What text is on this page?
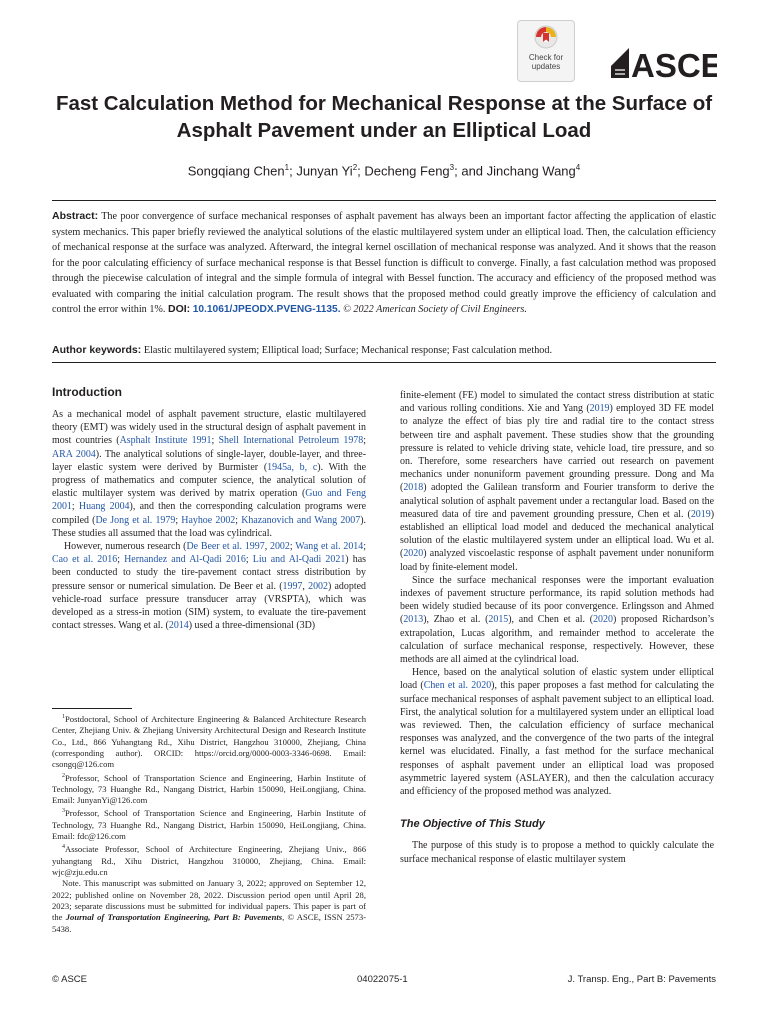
Check for updates	ASCE
Fast Calculation Method for Mechanical Response at the Surface of Asphalt Pavement under an Elliptical Load
Songqiang Chen$^1$; Junyan Yi$^2$; Decheng Feng$^3$; and Jinchang Wang$^4$
Abstract: The poor convergence of surface mechanical responses of asphalt pavement has always been an important factor affecting the application of elastic system mechanics. This paper briefly reviewed the analytical solutions of the elastic multilayered system under an elliptical load. Then, the calculation efficiency of mechanical response at the surface was analyzed. Afterward, the integral kernel oscillation of mechanical response was analyzed. And it shows that the reason for the poor calculating efficiency of surface mechanical response is that Bessel function is difficult to converge. Finally, a fast calculation method was proposed through the piecewise calculation of integral and the simple formula of integral with Bessel function. The accuracy and efficiency of the proposed method was evaluated with comparing the initial calculation program. The result shows that the proposed method could greatly improve the efficiency of calculation and control the error within 1%. DOI: 10.1061/JPEODX.PVENG-1135. © 2022 American Society of Civil Engineers.
Author keywords: Elastic multilayered system; Elliptical load; Surface; Mechanical response; Fast calculation method.
Introduction

As a mechanical model of asphalt pavement structure, elastic multilayered theory (EMT) was widely used in the structural design of asphalt pavement in most countries (Asphalt Institute 1991; Shell International Petroleum 1978; ARA 2004). The analytical solutions of single-layer, double-layer, and three-layer elastic system were derived by Burmister (1945a, b, c). With the progress of mathematics and computer science, the analytical solution of elastic multilayer system was derived by matrix operation (Guo and Feng 2001; Huang 2004), and then the corresponding calculation programs were compiled (De Jong et al. 1979; Hayhoe 2002; Khazanovich and Wang 2007). These studies all assumed that the load was cylindrical.

However, numerous research (De Beer et al. 1997, 2002; Wang et al. 2014; Cao et al. 2016; Hernandez and Al-Qadi 2016; Liu and Al-Qadi 2021) has been conducted to study the tire-pavement contact stress distribution by pressure sensor or numerical simulation. De Beer et al. (1997, 2002) adopted vehicle-road surface pressure transducer array (VRSPTA), which was developed as a stress-in motion (SIM) system, to evaluate the tire-pavement contact stresses. Wang et al. (2014) used a three-dimensional (3D)

$^1$Postdoctoral, School of Architecture Engineering & Balanced Architecture Research Center, Zhejiang Univ. & Zhejiang University Architectural Design and Research Institute Co., Ltd., 866 Yuhangtang Rd., Xihu District, Hangzhou 310000, Zhejiang, China (corresponding author). ORCID: https://orcid.org/0000-0003-3346-0698. Email: csongq@126.com

$^2$Professor, School of Transportation Science and Engineering, Harbin Institute of Technology, 73 Huanghe Rd., Nangang District, Harbin 150090, HeiLongjiang, China. Email: JunyanYi@126.com

$^3$Professor, School of Transportation Science and Engineering, Harbin Institute of Technology, 73 Huanghe Rd., Nangang District, Harbin 150090, HeiLongjiang, China. Email: fdc@126.com

$^4$Associate Professor, School of Architecture Engineering, Zhejiang Univ., 866 yuhangtang Rd., Xihu District, Hangzhou 310000, Zhejiang, China. Email: wjc@zju.edu.cn

Note. This manuscript was submitted on January 3, 2022; approved on September 12, 2022; published online on November 28, 2022. Discussion period open until April 28, 2023; separate discussions must be submitted for individual papers. This paper is part of the Journal of Transportation Engineering, Part B: Pavements, © ASCE, ISSN 2573-5438.

finite-element (FE) model to simulated the contact stress distribution at static and various rolling conditions. Xie and Yang (2019) employed 3D FE model to analyze the effect of bias ply tire and radial tire to the contact stress between tire and asphalt pavement. These studies show that the grounding pressure is related to vehicle driving state, vehicle load, tire pressure, and so on. Therefore, some researchers have carried out research on pavement mechanics under nonuniform pavement grounding pressure. Dong and Ma (2018) adopted the Galilean transform and Fourier transform to derive the analytical solution of asphalt pavement under a rectangular load. Based on the measured data of tire and pavement grounding pressure, Chen et al. (2019) established an elliptical load model and deduced the mechanical analytical solution of the elastic multilayered system under an elliptical load. Wu et al. (2020) analyzed viscoelastic response of asphalt pavement under nonuniform load by finite-element model.

Since the surface mechanical responses were the important evaluation indexes of pavement structure performance, its rapid solution methods had been widely studied because of its poor convergence. Erlingsson and Ahmed (2013), Zhao et al. (2015), and Chen et al. (2020) proposed Richardson’s extrapolation, Lucas algorithm, and remainder method to accelerate the calculation of surface mechanical response, respectively. However, these methods are all aimed at the cylindrical load.

Hence, based on the analytical solution of elastic system under elliptical load (Chen et al. 2020), this paper proposes a fast method for calculating the surface mechanical responses of asphalt pavement subject to an elliptical load. First, the analytical solution for a multilayered system under an elliptical load was reviewed. Then, the calculation efficiency of surface mechanical responses was analyzed, and the convergence of the two parts of the integral kernel was elucidated. Finally, a fast method for the surface mechanical responses of asphalt pavement under an elliptical load was proposed asymmetric layered system (ASLAYER), and then the calculation accuracy and efficiency of the proposed method was analyzed.

The Objective of This Study

The purpose of this study is to propose a method to quickly calculate the surface mechanical response of elastic multilayer system

© ASCE	04022075-1	J. Transp. Eng., Part B: Pavements
